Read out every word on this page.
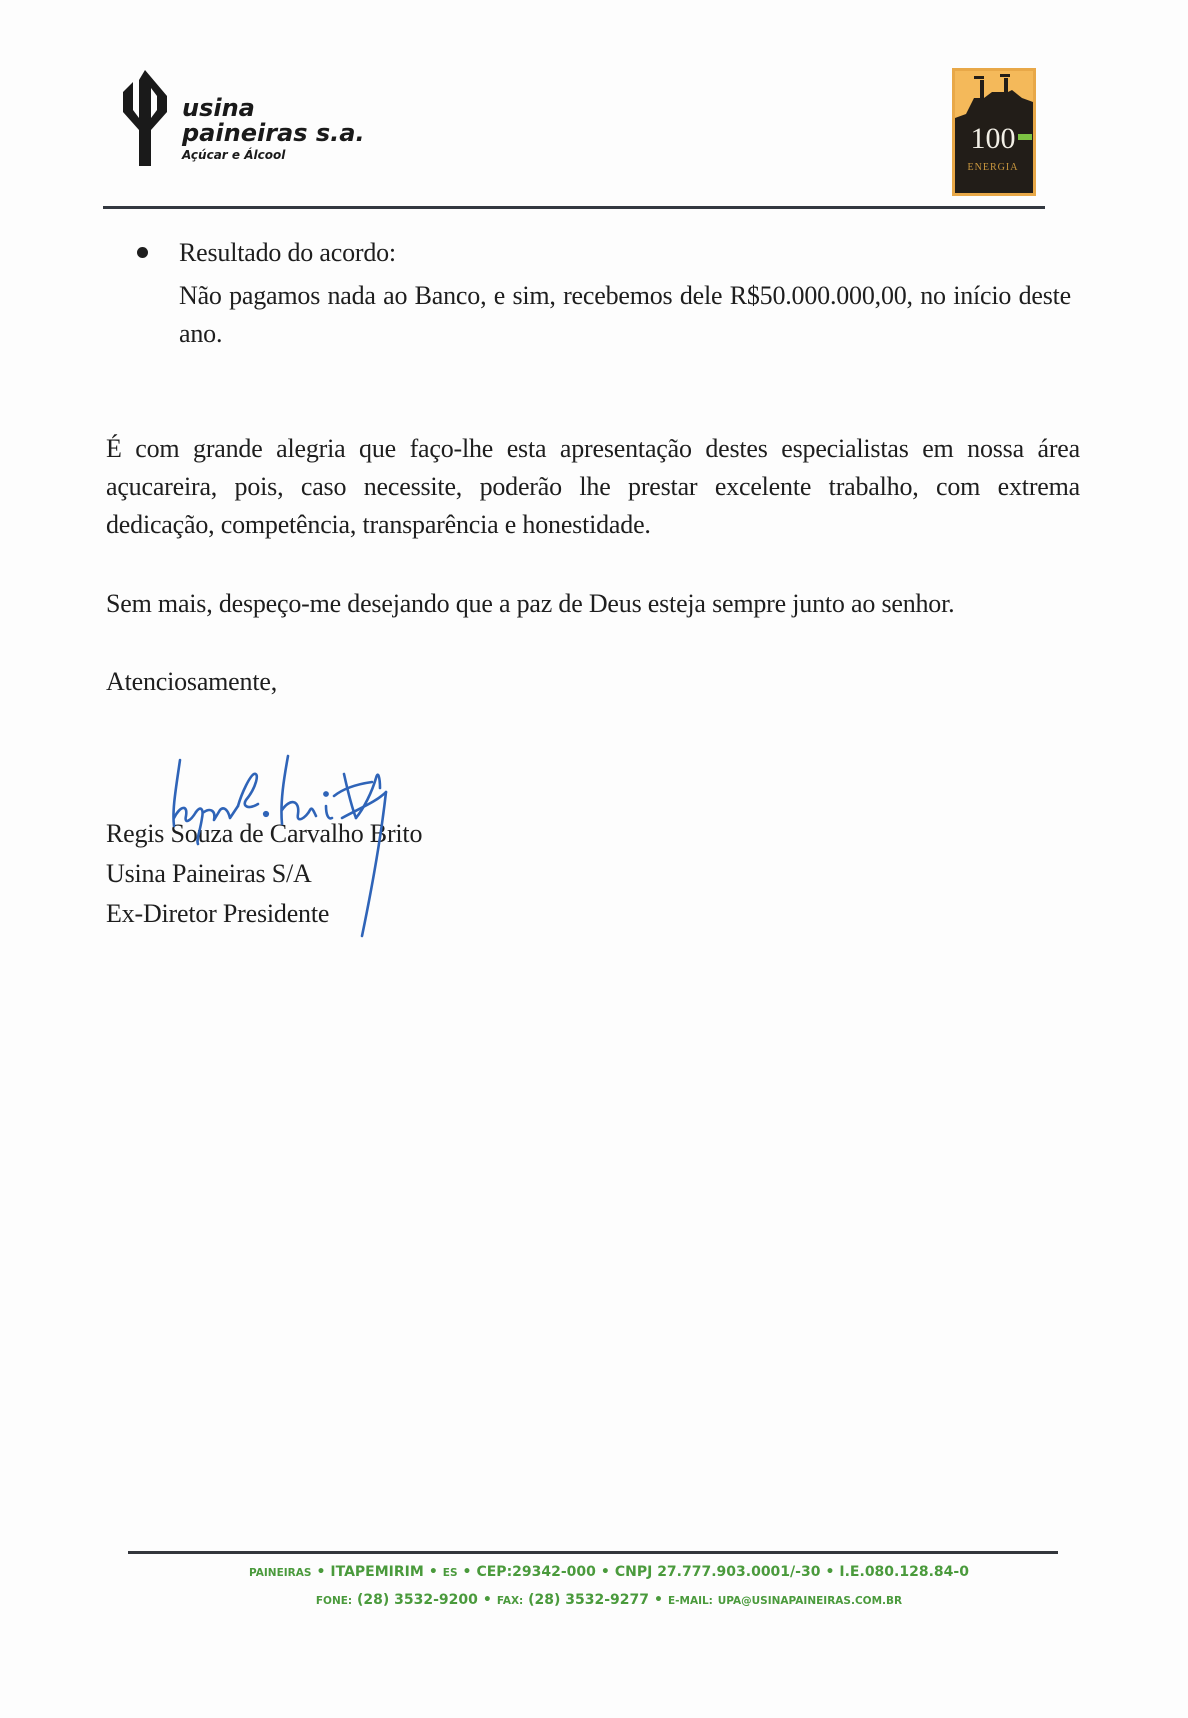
usina
paineiras s.a.
Açúcar e Álcool	100
ENERGIA
Resultado do acordo:
Não pagamos nada ao Banco, e sim, recebemos dele R$50.000.000,00, no início deste ano.
É com grande alegria que faço-lhe esta apresentação destes especialistas em nossa área açucareira, pois, caso necessite, poderão lhe prestar excelente trabalho, com extrema dedicação, competência, transparência e honestidade.
Sem mais, despeço-me desejando que a paz de Deus esteja sempre junto ao senhor.
Atenciosamente,
Regis Souza de Carvalho Brito
Usina Paineiras S/A
Ex-Diretor Presidente
PAINEIRAS • ITAPEMIRIM • ES • CEP:29342-000 • CNPJ 27.777.903.0001/-30 • I.E.080.128.84-0
FONE: (28) 3532-9200 • FAX: (28) 3532-9277 • E-MAIL: UPA@USINAPAINEIRAS.COM.BR
